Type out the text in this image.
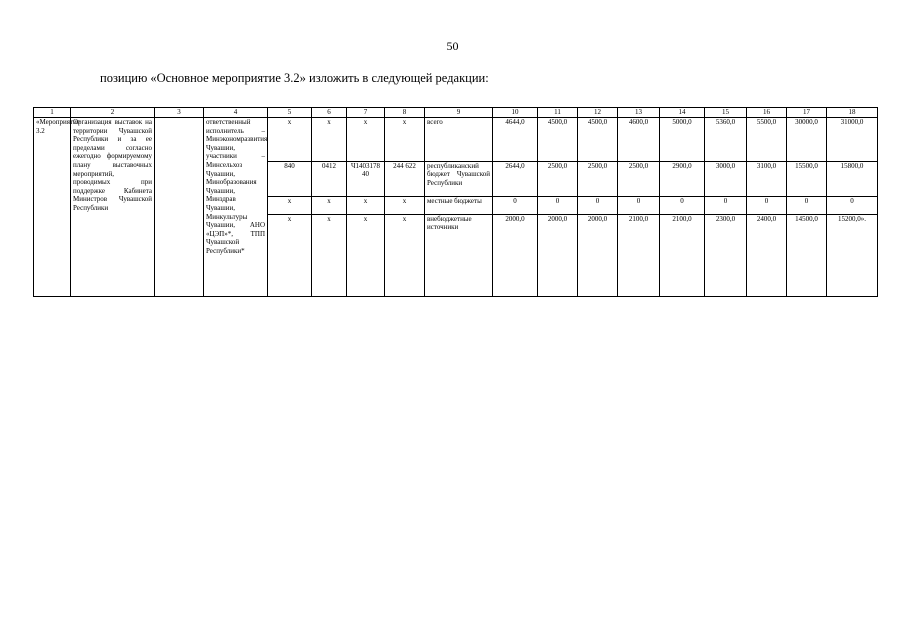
50
позицию «Основное мероприятие 3.2» изложить в следующей редакции:
1	2	3	4	5	6	7	8	9	10	11	12	13	14	15	16	17	18
«Мероприятие 3.2	Организация выставок на территории Чувашской Республики и за ее пределами согласно ежегодно формируемому плану выставочных мероприятий, проводимых при поддержке Кабинета Министров Чувашской Республики		ответственный исполнитель – Минэкономразвития Чувашии, участники – Минсельхоз Чувашии, Минобразования Чувашии, Минздрав Чувашии, Минкультуры Чувашии, АНО «ЦЭП»*, ТПП Чувашской Республики*	x	x	x	x	всего	4644,0	4500,0	4500,0	4600,0	5000,0	5360,0	5500,0	30000,0	31000,0
				840	0412	Ч1403178 40	244 622	республиканский бюджет Чувашской Республики	2644,0	2500,0	2500,0	2500,0	2900,0	3000,0	3100,0	15500,0	15800,0
				x	x	x	x	местные бюджеты	0	0	0	0	0	0	0	0	0
				x	x	x	x	внебюджетные источники	2000,0	2000,0	2000,0	2100,0	2100,0	2300,0	2400,0	14500,0	15200,0».
